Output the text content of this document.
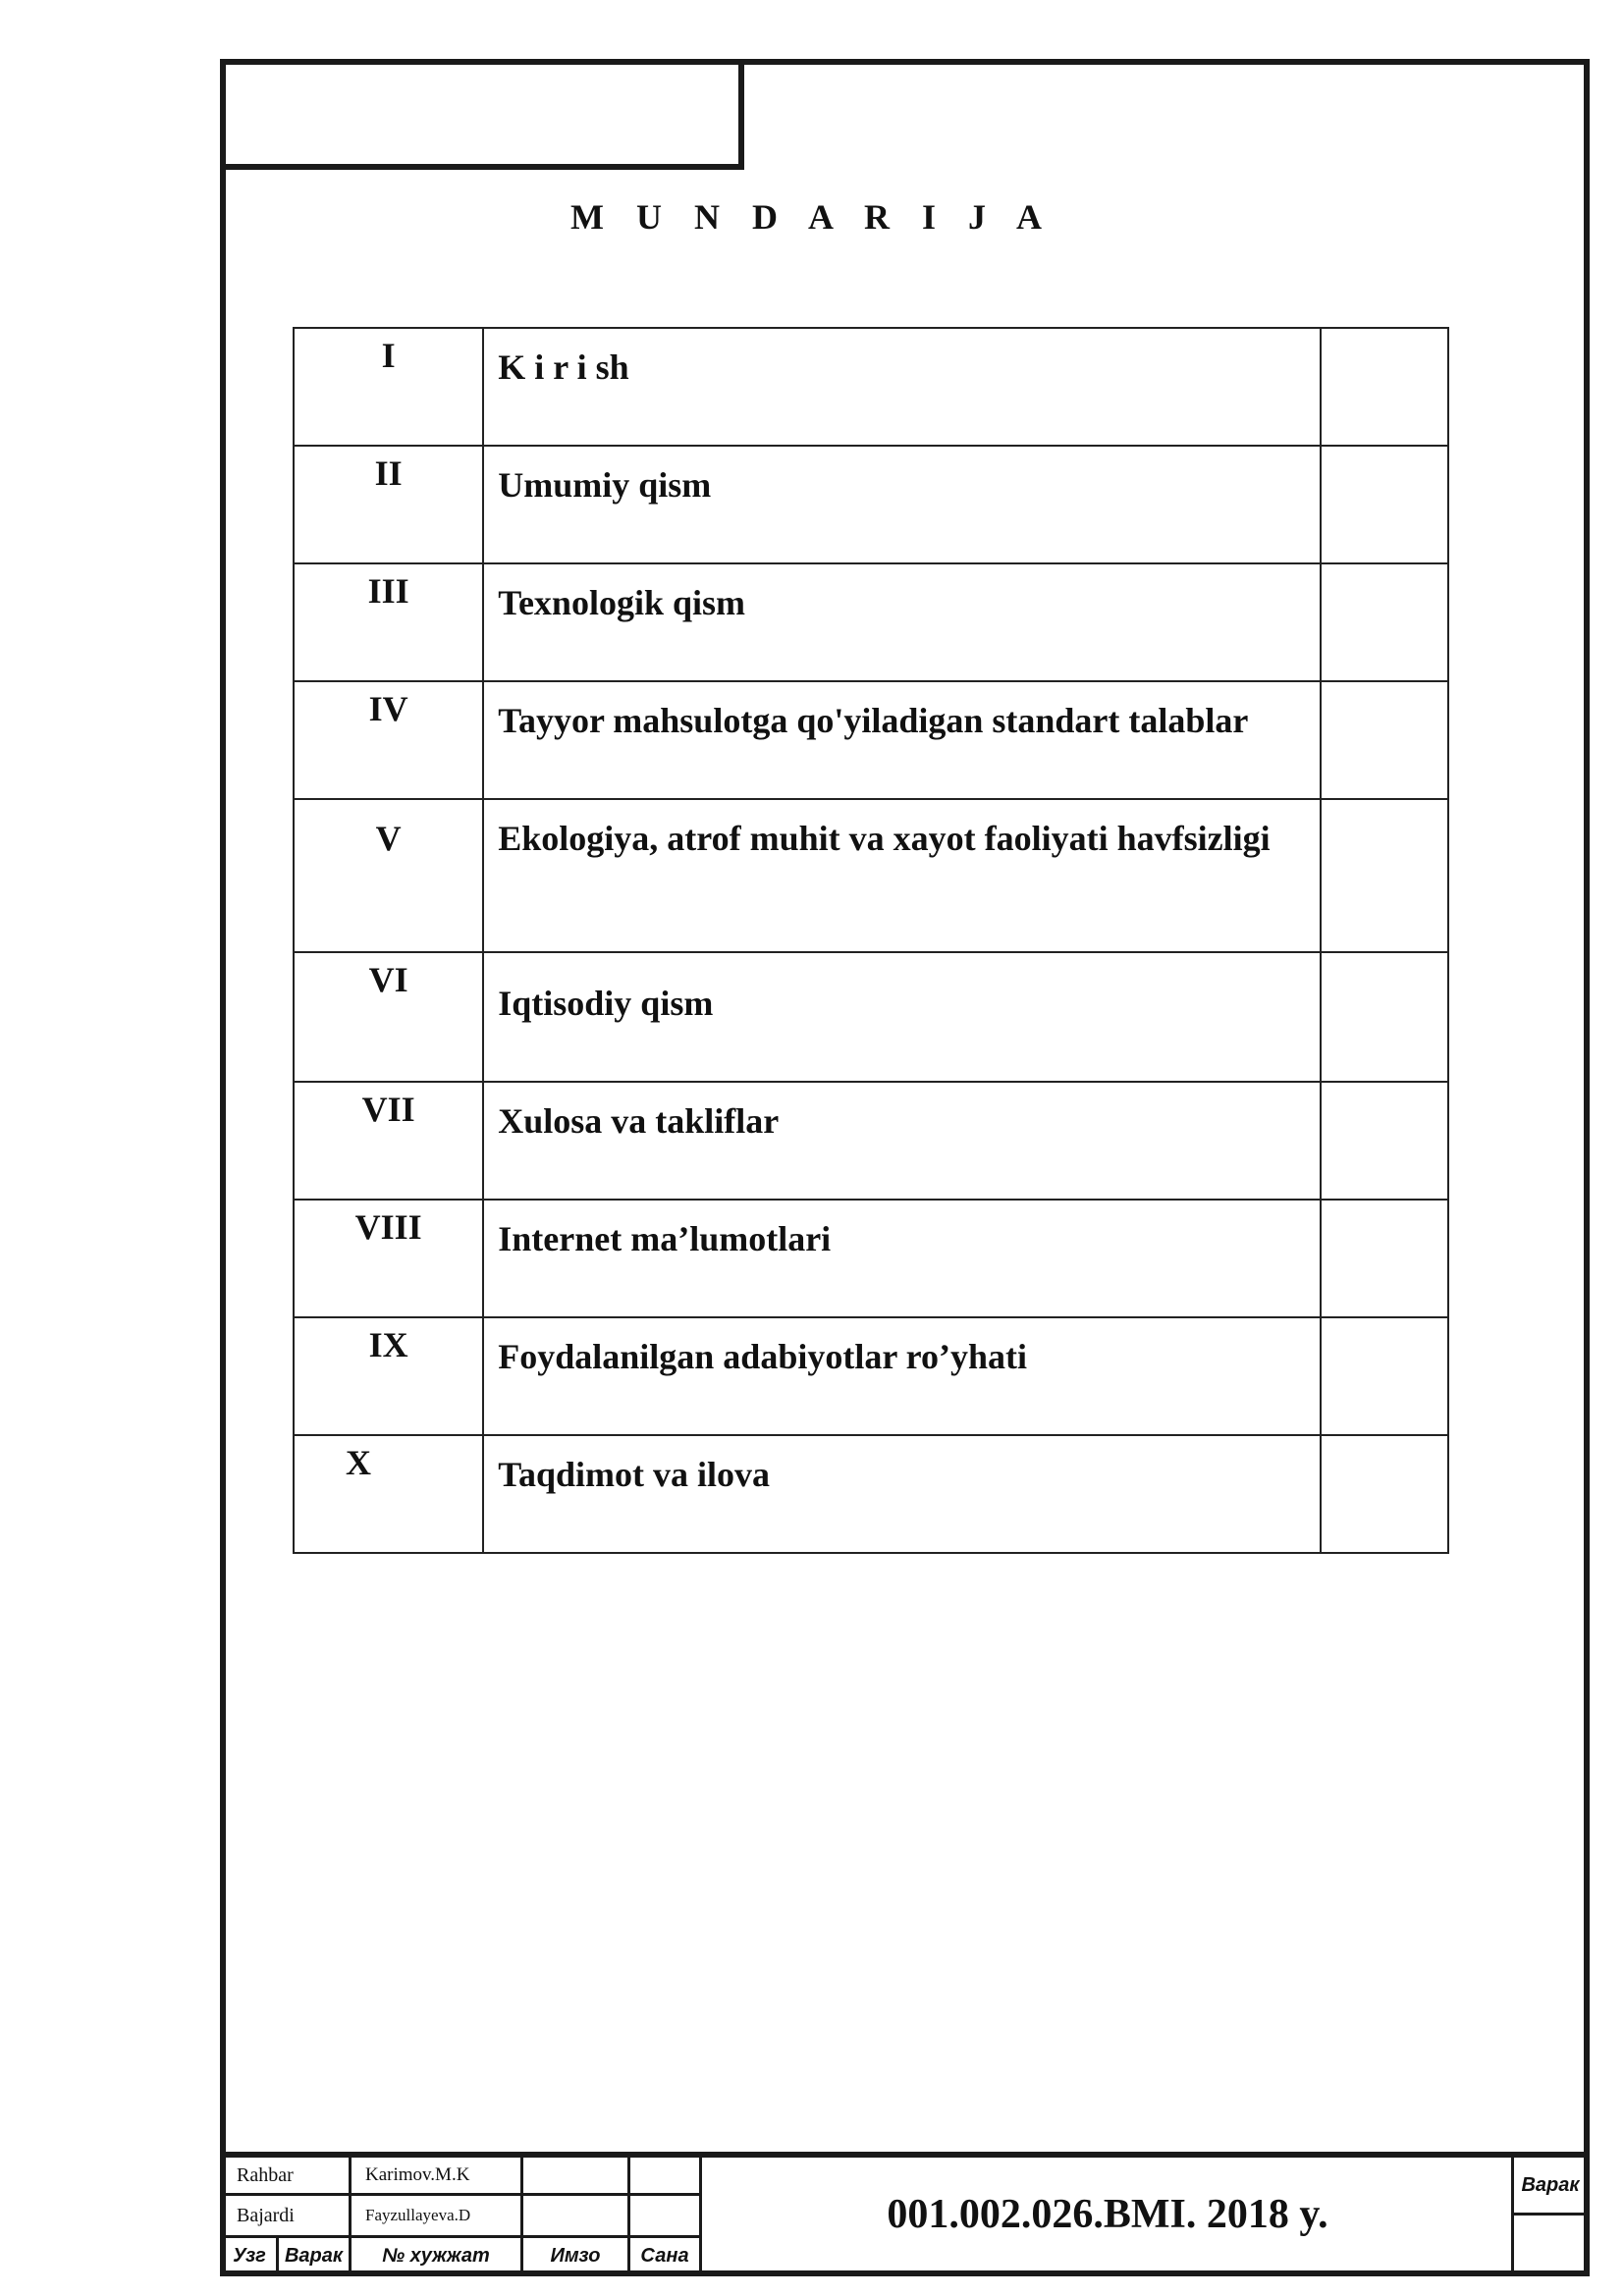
M U N D A R I J A
I	K i r i sh	
II	Umumiy qism	
III	Texnologik qism	
IV	Tayyor mahsulotga qo'yiladigan standart talablar	
V	Ekologiya, atrof muhit va xayot faoliyati havfsizligi	
VI	Iqtisodiy qism	
VII	Xulosa va takliflar	
VIII	Internet ma’lumotlari	
IX	Foydalanilgan adabiyotlar ro’yhati	
X	Taqdimot va ilova	
Rahbar	Karimov.M.K
Bajardi	Fayzullayeva.D
Узг Варак	№ хужжат	Имзо	Сана
001.002.026.BMI. 2018 y.
Варак
